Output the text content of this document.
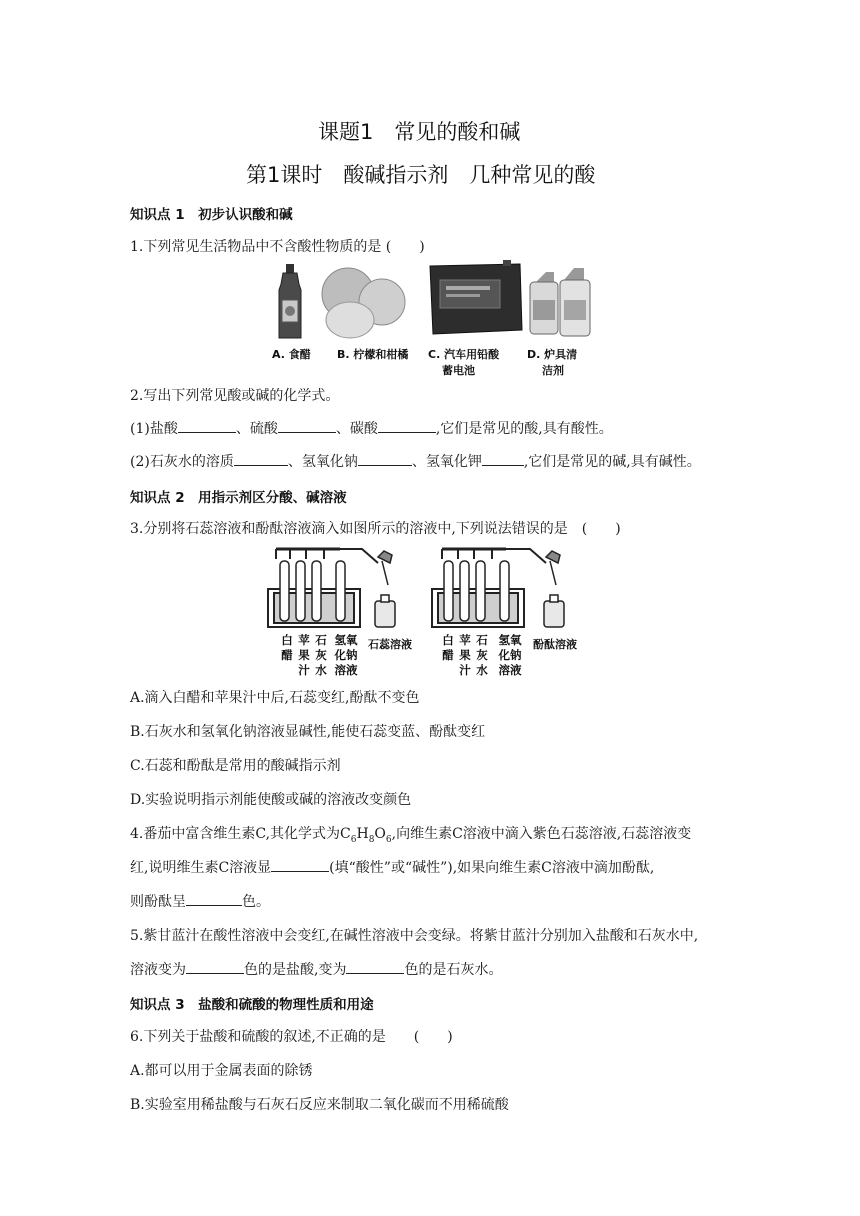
课题1　常见的酸和碱
第1课时　酸碱指示剂　几种常见的酸
知识点 1　初步认识酸和碱
1.下列常见生活物品中不含酸性物质的是 (　　)
A. 食醋 B. 柠檬和柑橘 C. 汽车用铅酸
蓄电池
D. 炉具清
洁剂
2.写出下列常见酸或碱的化学式。
(1)盐酸	、硫酸	、碳酸	,它们是常见的酸,具有酸性。
(2)石灰水的溶质	、氢氧化钠	、氢氧化钾	,它们是常见的碱,具有碱性。
知识点 2　用指示剂区分酸、碱溶液
3.分别将石蕊溶液和酚酞溶液滴入如图所示的溶液中,下列说法错误的是　(　　)
白醋
苹果汁
石灰水
氢氧化钠溶液
石蕊溶液	白醋
苹果汁
石灰水
氢氧化钠溶液
酚酞溶液
A.滴入白醋和苹果汁中后,石蕊变红,酚酞不变色
B.石灰水和氢氧化钠溶液显碱性,能使石蕊变蓝、酚酞变红
C.石蕊和酚酞是常用的酸碱指示剂
D.实验说明指示剂能使酸或碱的溶液改变颜色
4.番茄中富含维生素C,其化学式为$C_6H_8O_6$,向维生素C溶液中滴入紫色石蕊溶液,石蕊溶液变
红,说明维生素C溶液显	(填“酸性”或“碱性”),如果向维生素C溶液中滴加酚酞,
则酚酞呈	色。
5.紫甘蓝汁在酸性溶液中会变红,在碱性溶液中会变绿。将紫甘蓝汁分别加入盐酸和石灰水中,
溶液变为	色的是盐酸,变为	色的是石灰水。
知识点 3　盐酸和硫酸的物理性质和用途
6.下列关于盐酸和硫酸的叙述,不正确的是　　(　　)
A.都可以用于金属表面的除锈
B.实验室用稀盐酸与石灰石反应来制取二氧化碳而不用稀硫酸
